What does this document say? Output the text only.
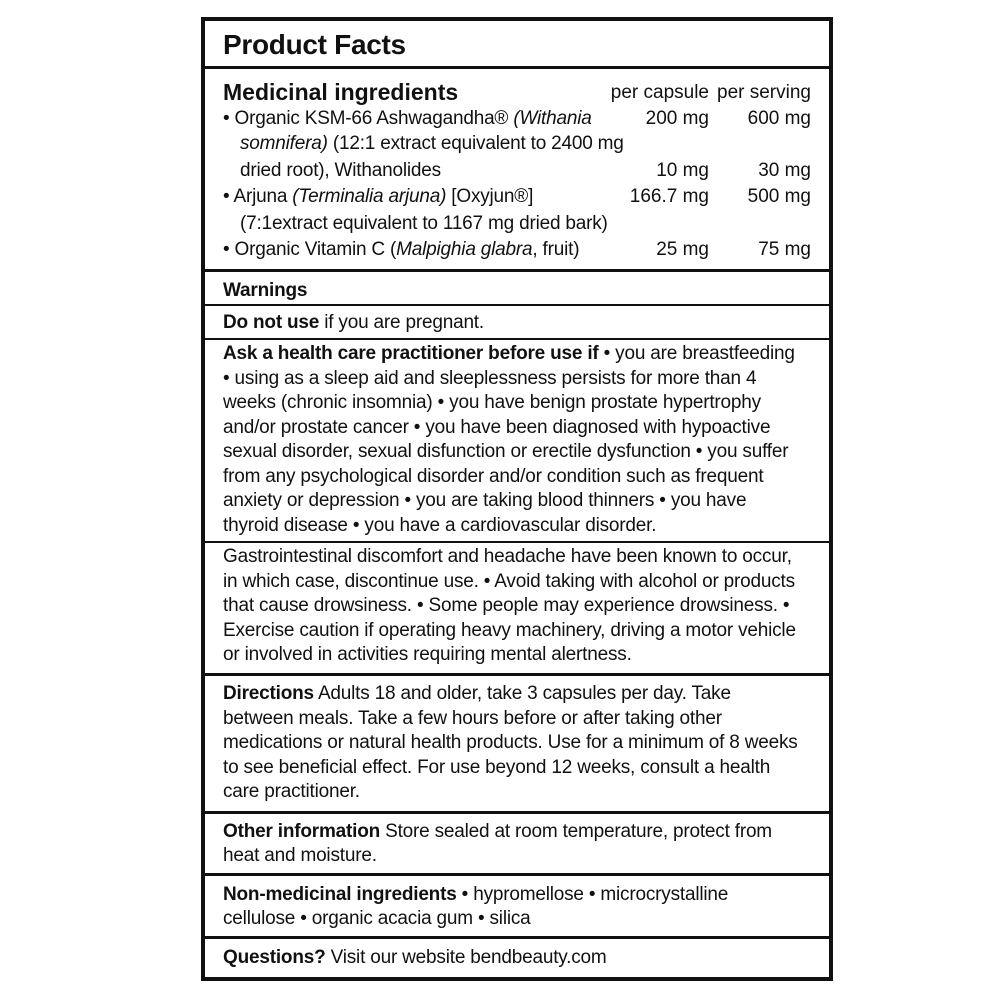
Product Facts
Medicinal ingredients	per capsule per serving
• Organic KSM-66 Ashwagandha® (Withania	200 mg 600 mg
somnifera) (12:1 extract equivalent to 2400 mg
dried root), Withanolides	10 mg	30 mg
• Arjuna (Terminalia arjuna) [Oxyjun®]	166.7 mg 500 mg
(7:1extract equivalent to 1167 mg dried bark)
• Organic Vitamin C (Malpighia glabra, fruit)	25 mg	75 mg
Warnings
Do not use if you are pregnant.
Ask a health care practitioner before use if • you are breastfeeding
• using as a sleep aid and sleeplessness persists for more than 4
weeks (chronic insomnia) • you have benign prostate hypertrophy
and/or prostate cancer • you have been diagnosed with hypoactive
sexual disorder, sexual disfunction or erectile dysfunction • you suffer
from any psychological disorder and/or condition such as frequent
anxiety or depression • you are taking blood thinners • you have
thyroid disease • you have a cardiovascular disorder.
Gastrointestinal discomfort and headache have been known to occur,
in which case, discontinue use. • Avoid taking with alcohol or products
that cause drowsiness. • Some people may experience drowsiness. •
Exercise caution if operating heavy machinery, driving a motor vehicle
or involved in activities requiring mental alertness.
Directions Adults 18 and older, take 3 capsules per day. Take
between meals. Take a few hours before or after taking other
medications or natural health products. Use for a minimum of 8 weeks
to see beneficial effect. For use beyond 12 weeks, consult a health
care practitioner.
Other information Store sealed at room temperature, protect from
heat and moisture.
Non-medicinal ingredients • hypromellose • microcrystalline
cellulose • organic acacia gum • silica
Questions? Visit our website bendbeauty.com
